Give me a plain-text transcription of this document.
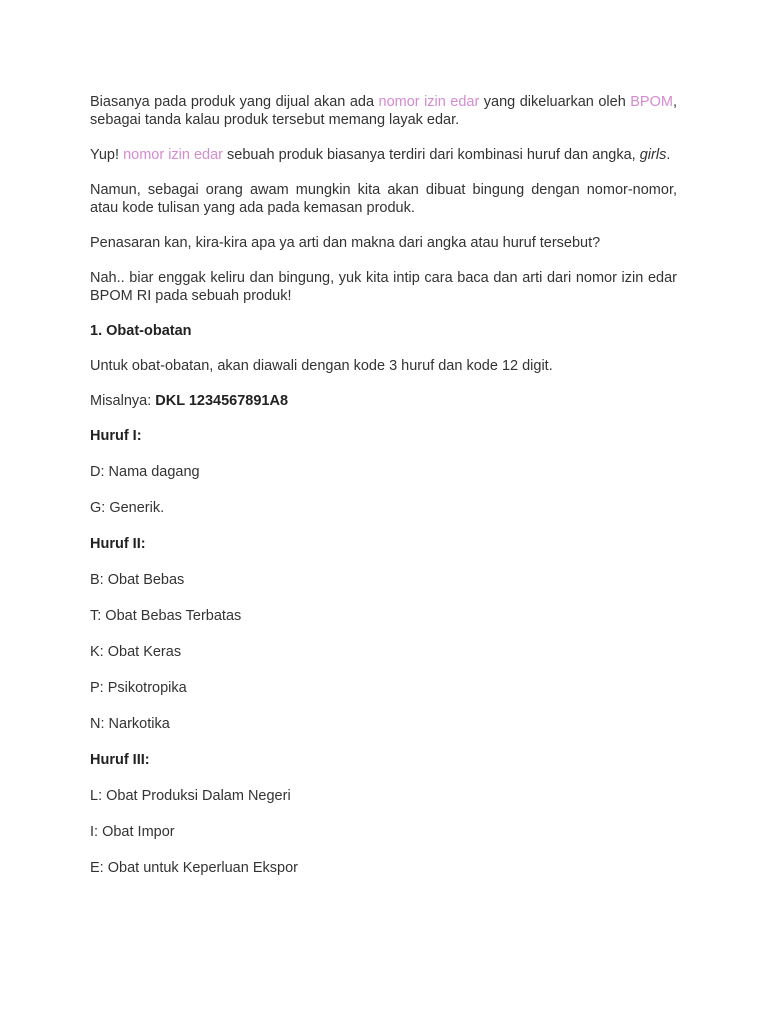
Biasanya pada produk yang dijual akan ada nomor izin edar yang dikeluarkan oleh BPOM, sebagai tanda kalau produk tersebut memang layak edar.

Yup! nomor izin edar sebuah produk biasanya terdiri dari kombinasi huruf dan angka, girls.

Namun, sebagai orang awam mungkin kita akan dibuat bingung dengan nomor-nomor, atau kode tulisan yang ada pada kemasan produk.

Penasaran kan, kira-kira apa ya arti dan makna dari angka atau huruf tersebut?

Nah.. biar enggak keliru dan bingung, yuk kita intip cara baca dan arti dari nomor izin edar BPOM RI pada sebuah produk!

1. Obat-obatan

Untuk obat-obatan, akan diawali dengan kode 3 huruf dan kode 12 digit.

Misalnya: DKL 1234567891A8

Huruf I:

D: Nama dagang

G: Generik.

Huruf II:

B: Obat Bebas

T: Obat Bebas Terbatas

K: Obat Keras

P: Psikotropika

N: Narkotika

Huruf III:

L: Obat Produksi Dalam Negeri

I: Obat Impor

E: Obat untuk Keperluan Ekspor
